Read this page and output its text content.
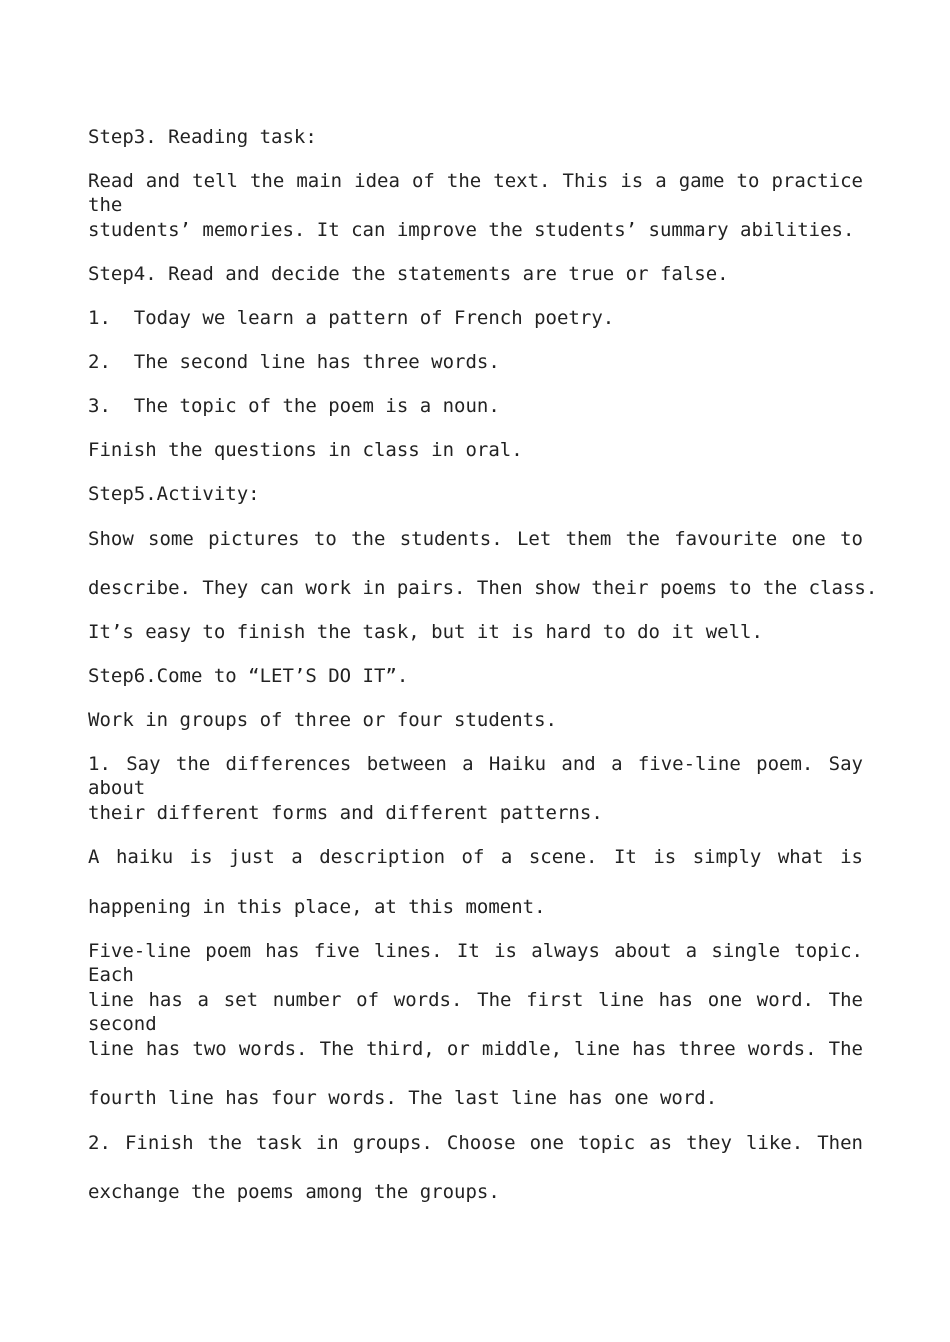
Step3. Reading task:
Read and tell the main idea of the text. This is a game to practice the
students’ memories. It can improve the students’ summary abilities.
Step4. Read and decide the statements are true or false.
1.  Today we learn a pattern of French poetry.
2.  The second line has three words.
3.  The topic of the poem is a noun.
Finish the questions in class in oral.
Step5.Activity:
Show some pictures to the students. Let them the favourite one to
describe. They can work in pairs. Then show their poems to the class.
It’s easy to finish the task, but it is hard to do it well.
Step6.Come to “LET’S DO IT”.
Work in groups of three or four students.
1. Say the differences between a Haiku and a five-line poem. Say about
their different forms and different patterns.
A haiku is just a description of a scene. It is simply what is
happening in this place, at this moment.
Five-line poem has five lines. It is always about a single topic. Each
line has a set number of words. The first line has one word. The second
line has two words. The third, or middle, line has three words. The
fourth line has four words. The last line has one word.
2. Finish the task in groups. Choose one topic as they like. Then
exchange the poems among the groups.
